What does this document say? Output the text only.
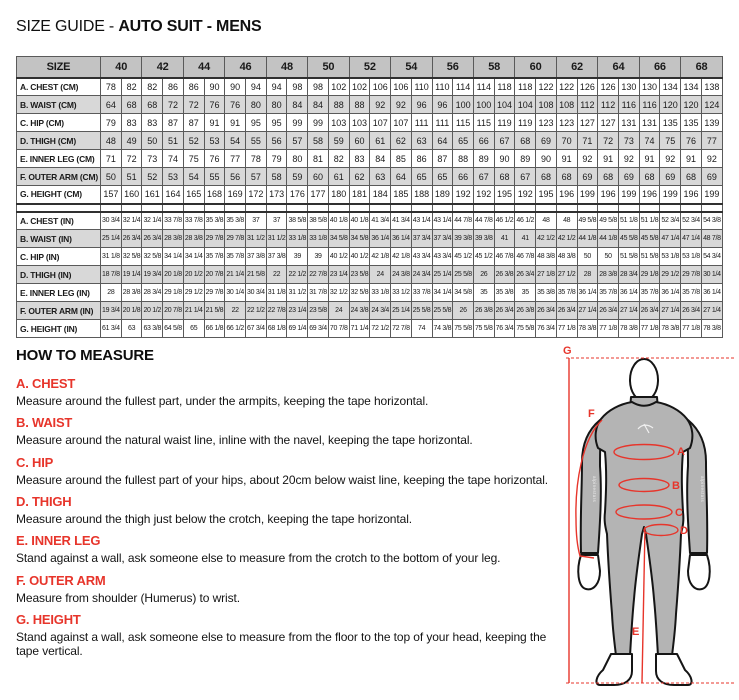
SIZE GUIDE - AUTO SUIT - MENS
SIZE	40		42		44		46		48		50		52		54		56		58		60		62		64		66		68	
A. CHEST (CM)	78	82	82	86	86	90	90	94	94	98	98	102	102	106	106	110	110	114	114	118	118	122	122	126	126	130	130	134	134	138
B. WAIST (CM)	64	68	68	72	72	76	76	80	80	84	84	88	88	92	92	96	96	100	100	104	104	108	108	112	112	116	116	120	120	124
C. HIP (CM)	79	83	83	87	87	91	91	95	95	99	99	103	103	107	107	111	111	115	115	119	119	123	123	127	127	131	131	135	135	139
D. THIGH (CM)	48	49	50	51	52	53	54	55	56	57	58	59	60	61	62	63	64	65	66	67	68	69	70	71	72	73	74	75	76	77
E. INNER LEG (CM)	71	72	73	74	75	76	77	78	79	80	81	82	83	84	85	86	87	88	89	90	89	90	91	92	91	92	91	92	91	92
F. OUTER ARM (CM)	50	51	52	53	54	55	56	57	58	59	60	61	62	63	64	65	65	66	67	68	67	68	68	69	68	69	68	69	68	69
G. HEIGHT (CM)	157	160	161	164	165	168	169	172	173	176	177	180	181	184	185	188	189	192	192	195	192	195	196	199	196	199	196	199	196	199

A. CHEST (IN)	30 3/4	32 1/4	32 1/4	33 7/8	33 7/8	35 3/8	35 3/8	37	37	38 5/8	38 5/8	40 1/8	40 1/8	41 3/4	41 3/4	43 1/4	43 1/4	44 7/8	44 7/8	46 1/2	46 1/2	48	48	49 5/8	49 5/8	51 1/8	51 1/8	52 3/4	52 3/4	54 3/8
B. WAIST (IN)	25 1/4	26 3/4	26 3/4	28 3/8	28 3/8	29 7/8	29 7/8	31 1/2	31 1/2	33 1/8	33 1/8	34 5/8	34 5/8	36 1/4	36 1/4	37 3/4	37 3/4	39 3/8	39 3/8	41	41	42 1/2	42 1/2	44 1/8	44 1/8	45 5/8	45 5/8	47 1/4	47 1/4	48 7/8
C. HIP (IN)	31 1/8	32 5/8	32 5/8	34 1/4	34 1/4	35 7/8	35 7/8	37 3/8	37 3/8	39	39	40 1/2	40 1/2	42 1/8	42 1/8	43 3/4	43 3/4	45 1/2	45 1/2	46 7/8	46 7/8	48 3/8	48 3/8	50	50	51 5/8	51 5/8	53 1/8	53 1/8	54 3/4
D. THIGH (IN)	18 7/8	19 1/4	19 3/4	20 1/8	20 1/2	20 7/8	21 1/4	21 5/8	22	22 1/2	22 7/8	23 1/4	23 5/8	24	24 3/8	24 3/4	25 1/4	25 5/8	26	26 3/8	26 3/4	27 1/8	27 1/2	28	28 3/8	28 3/4	29 1/8	29 1/2	29 7/8	30 1/4
E. INNER LEG (IN)	28	28 3/8	28 3/4	29 1/8	29 1/2	29 7/8	30 1/4	30 3/4	31 1/8	31 1/2	31 7/8	32 1/2	32 5/8	33 1/8	33 1/2	33 7/8	34 1/4	34 5/8	35	35 3/8	35	35 3/8	35 7/8	36 1/4	35 7/8	36 1/4	35 7/8	36 1/4	35 7/8	36 1/4
F. OUTER ARM (IN)	19 3/4	20 1/8	20 1/2	20 7/8	21 1/4	21 5/8	22	22 1/2	22 7/8	23 1/4	23 5/8	24	24 3/8	24 3/4	25 1/4	25 5/8	25 5/8	26	26 3/8	26 3/4	26 3/8	26 3/4	26 3/4	27 1/4	26 3/4	27 1/4	26 3/4	27 1/4	26 3/4	27 1/4
G. HEIGHT (IN)	61 3/4	63	63 3/8	64 5/8	65	66 1/8	66 1/2	67 3/4	68 1/8	69 1/4	69 3/4	70 7/8	71 1/4	72 1/2	72 7/8	74	74 3/8	75 5/8	75 5/8	76 3/4	75 5/8	76 3/4	77 1/8	78 3/8	77 1/8	78 3/8	77 1/8	78 3/8	77 1/8	78 3/8
HOW TO MEASURE
A. CHEST
Measure around the fullest part, under the armpits, keeping the tape horizontal.
B. WAIST
Measure around the natural waist line, inline with the navel, keeping the tape horizontal.
C. HIP
Measure around the fullest part of your hips, about 20cm below waist line, keeping the tape horizontal.
D. THIGH
Measure around the thigh just below the crotch, keeping the tape horizontal.
E. INNER LEG
Stand against a wall, ask someone else to measure from the crotch to the bottom of your leg.
F. OUTER ARM
Measure from shoulder (Humerus) to wrist.
G. HEIGHT
Stand against a wall, ask someone else to measure from the floor to the top of your head, keeping the tape vertical.
alpinestars	alpinestars
G
F
A
B
C
D
E
